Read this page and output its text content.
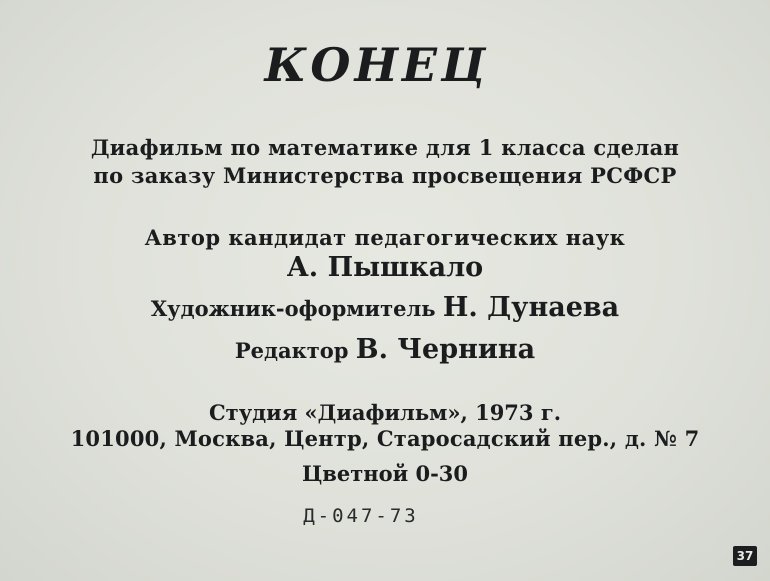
КОНЕЦ
Диафильм по математике для 1 класса сделан
по заказу Министерства просвещения РСФСР
Автор кандидат педагогических наук
А. Пышкало
Художник-оформитель Н. Дунаева
Редактор В. Чернина
Студия «Диафильм», 1973 г.
101000, Москва, Центр, Старосадский пер., д. № 7
Цветной 0-30
Д-047-73
37
